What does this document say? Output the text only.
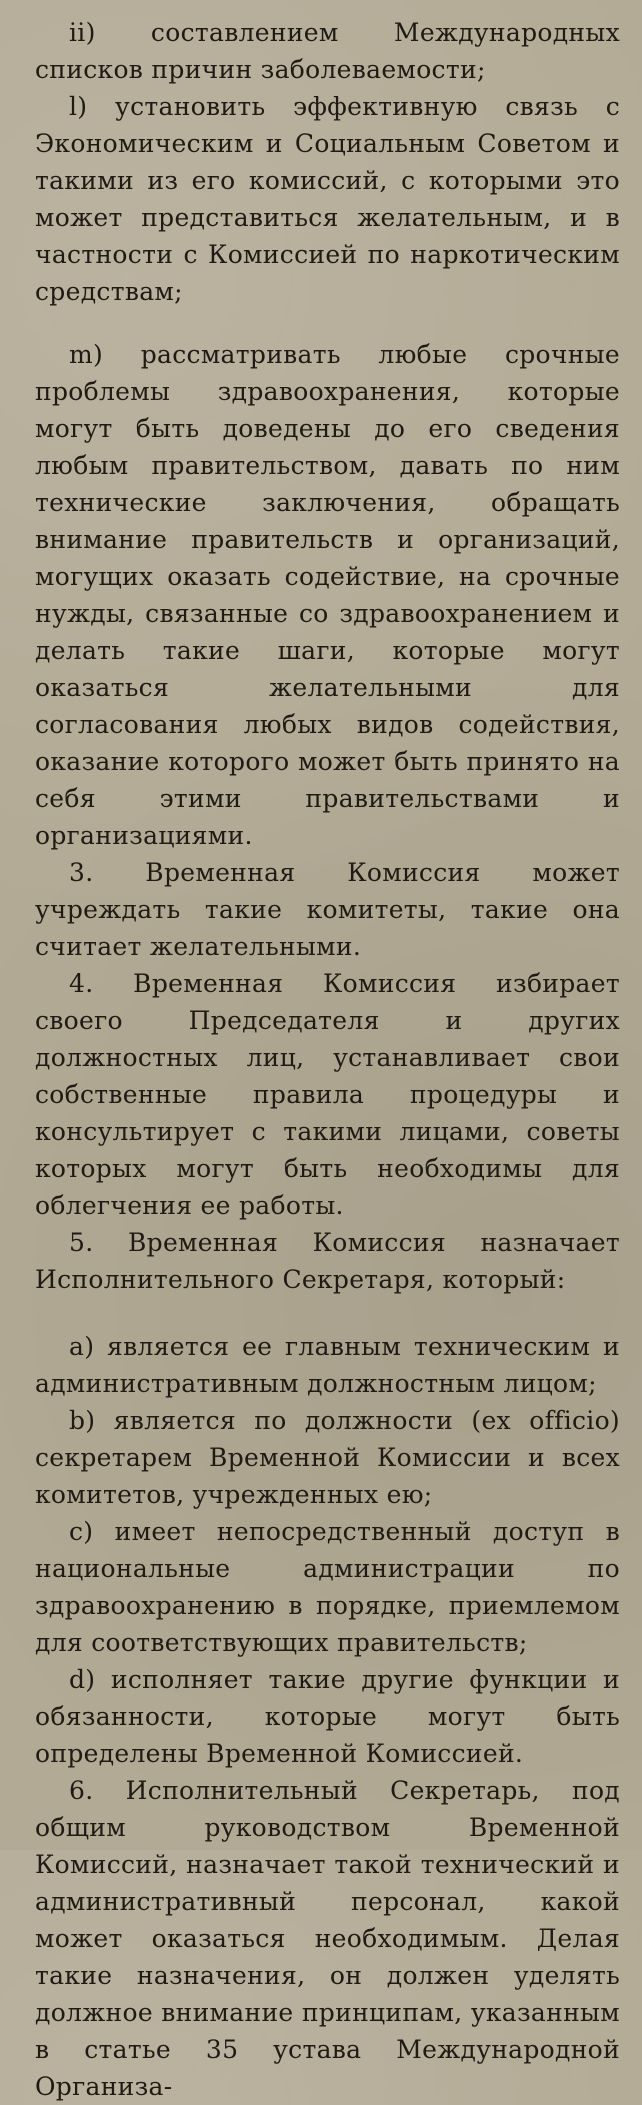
ii) составлением Международных списков причин заболеваемости;

l) установить эффективную связь с Экономическим и Социальным Советом и такими из его комиссий, с которыми это может представиться желательным, и в частности с Комиссией по наркотическим средствам;

m) рассматривать любые срочные проблемы здравоохранения, которые могут быть доведены до его сведения любым правительством, давать по ним технические заключения, обращать внимание правительств и организаций, могущих оказать содействие, на срочные нужды, связанные со здравоохранением и делать такие шаги, которые могут оказаться желательными для согласования любых видов содействия, оказание которого может быть принято на себя этими правительствами и организациями.

3. Временная Комиссия может учреждать такие комитеты, такие она считает желательными.

4. Временная Комиссия избирает своего Председателя и других должностных лиц, устанавливает свои собственные правила процедуры и консультирует с такими лицами, советы которых могут быть необходимы для облегчения ее работы.

5. Временная Комиссия назначает Исполнительного Секретаря, который:

а) является ее главным техническим и административным должностным лицом;

b) является по должности (ex officio) секретарем Временной Комиссии и всех комитетов, учрежденных ею;

с) имеет непосредственный доступ в национальные администрации по здравоохранению в порядке, приемлемом для соответствующих правительств;

d) исполняет такие другие функции и обязанности, которые могут быть определены Временной Комиссией.

6. Исполнительный Секретарь, под общим руководством Временной Комиссий, назначает такой технический и административный персонал, какой может оказаться необходимым. Делая такие назначения, он должен уделять должное внимание принципам, указанным в статье 35 устава Международной Организа-
